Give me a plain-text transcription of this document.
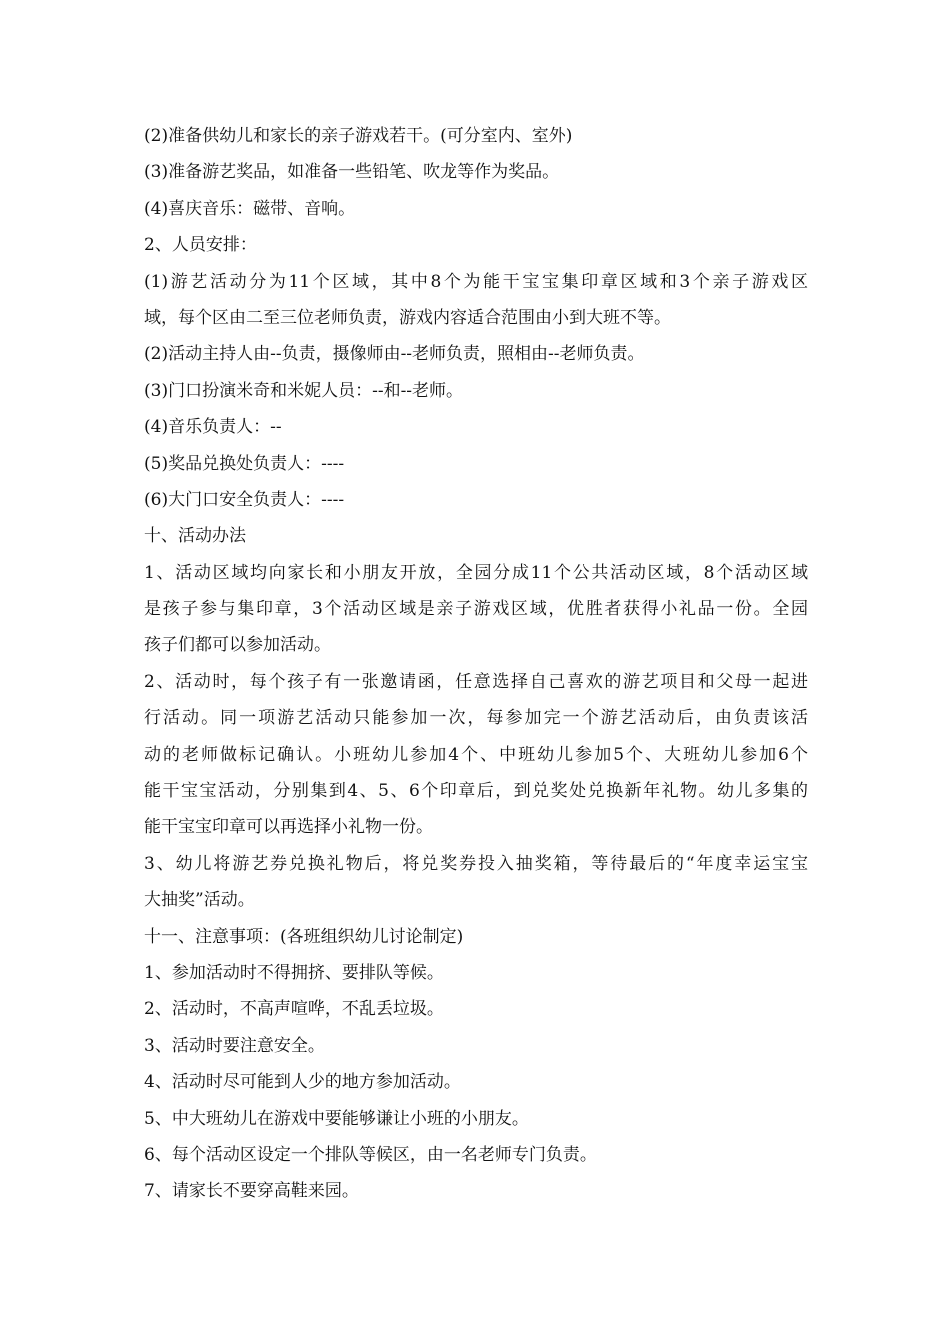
(2)准备供幼儿和家长的亲子游戏若干。(可分室内、室外)

(3)准备游艺奖品，如准备一些铅笔、吹龙等作为奖品。

(4)喜庆音乐：磁带、音响。

2、人员安排：

(1)游艺活动分为11个区域，其中8个为能干宝宝集印章区域和3个亲子游戏区

域，每个区由二至三位老师负责，游戏内容适合范围由小到大班不等。

(2)活动主持人由--负责，摄像师由--老师负责，照相由--老师负责。

(3)门口扮演米奇和米妮人员：--和--老师。

(4)音乐负责人：--

(5)奖品兑换处负责人：----

(6)大门口安全负责人：----

十、活动办法

1、活动区域均向家长和小朋友开放，全园分成11个公共活动区域，8个活动区域

是孩子参与集印章，3个活动区域是亲子游戏区域，优胜者获得小礼品一份。全园

孩子们都可以参加活动。

2、活动时，每个孩子有一张邀请函，任意选择自己喜欢的游艺项目和父母一起进

行活动。同一项游艺活动只能参加一次，每参加完一个游艺活动后，由负责该活

动的老师做标记确认。小班幼儿参加4个、中班幼儿参加5个、大班幼儿参加6个

能干宝宝活动，分别集到4、5、6个印章后，到兑奖处兑换新年礼物。幼儿多集的

能干宝宝印章可以再选择小礼物一份。

3、幼儿将游艺券兑换礼物后，将兑奖券投入抽奖箱，等待最后的“年度幸运宝宝

大抽奖”活动。

十一、注意事项：(各班组织幼儿讨论制定)

1、参加活动时不得拥挤、要排队等候。

2、活动时，不高声喧哗，不乱丢垃圾。

3、活动时要注意安全。

4、活动时尽可能到人少的地方参加活动。

5、中大班幼儿在游戏中要能够谦让小班的小朋友。

6、每个活动区设定一个排队等候区，由一名老师专门负责。

7、请家长不要穿高鞋来园。
